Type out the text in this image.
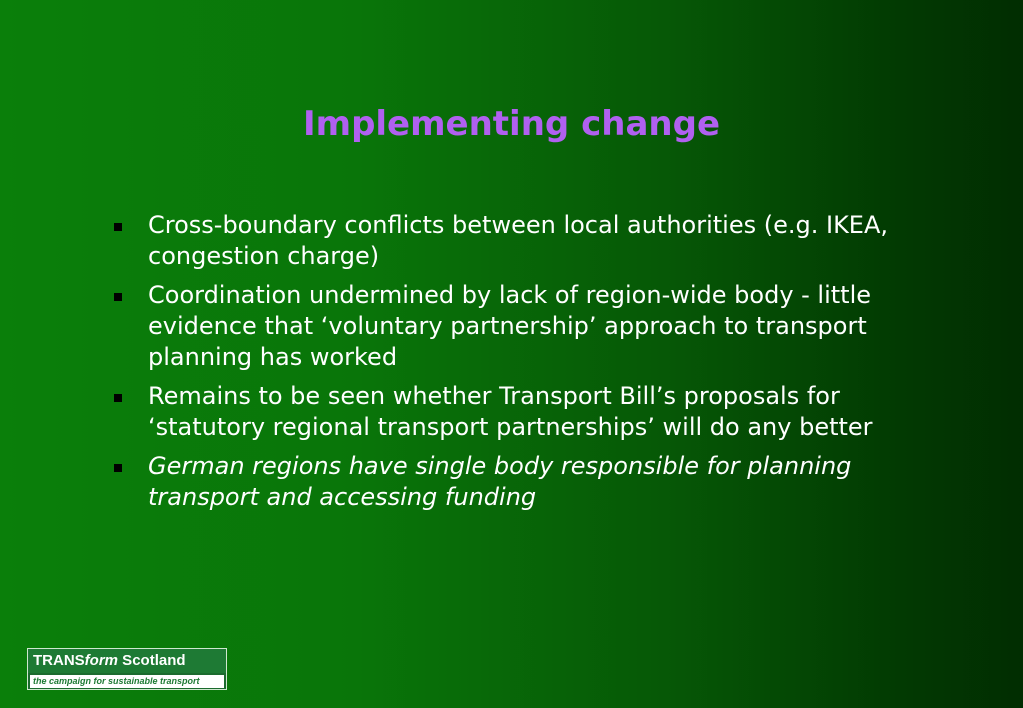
Implementing change
Cross-boundary conflicts between local authorities (e.g. IKEA, congestion charge)
Coordination undermined by lack of region-wide body - little evidence that ‘voluntary partnership’ approach to transport planning has worked
Remains to be seen whether Transport Bill’s proposals for ‘statutory regional transport partnerships’ will do any better
German regions have single body responsible for planning transport and accessing funding
TRANSform Scotland
the campaign for sustainable transport
